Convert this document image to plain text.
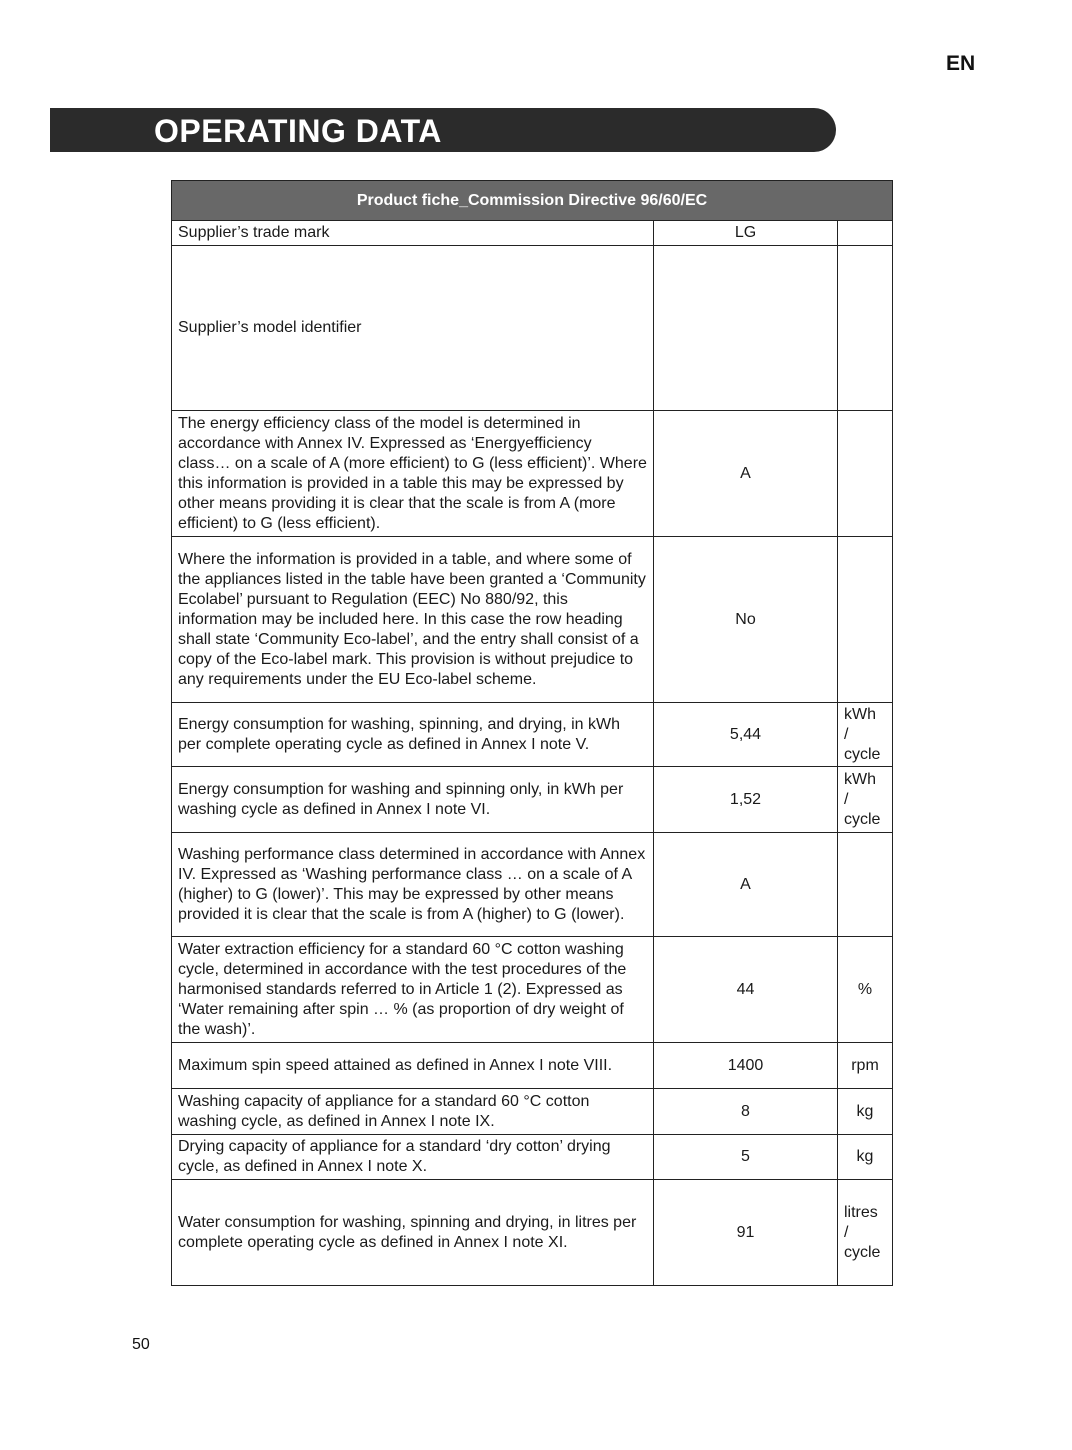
EN
OPERATING DATA
Product fiche_Commission Directive 96/60/EC		
Supplier’s trade mark	LG	
Supplier’s model identifier		
The energy efficiency class of the model is determined in accordance with Annex IV. Expressed as ‘Energyefficiency class… on a scale of A (more efficient) to G (less efficient)’. Where this information is provided in a table this may be expressed by other means providing it is clear that the scale is from A (more efficient) to G (less efficient).	A	
Where the information is provided in a table, and where some of the appliances listed in the table have been granted a ‘Community Ecolabel’ pursuant to Regulation (EEC) No 880/92, this information may be included here. In this case the row heading shall state ‘Community Eco-label’, and the entry shall consist of a copy of the Eco-label mark. This provision is without prejudice to any requirements under the EU Eco-label scheme.	No	
Energy consumption for washing, spinning, and drying, in kWh per complete operating cycle as defined in Annex I note V.	5,44	kWh
/
cycle

Energy consumption for washing and spinning only, in kWh per washing cycle as defined in Annex I note VI.	1,52	kWh
/
cycle

Washing performance class determined in accordance with Annex IV. Expressed as ‘Washing performance class … on a scale of A (higher) to G (lower)’. This may be expressed by other means provided it is clear that the scale is from A (higher) to G (lower).	A	
Water extraction efficiency for a standard 60 °C cotton washing cycle, determined in accordance with the test procedures of the harmonised standards referred to in Article 1 (2). Expressed as ‘Water remaining after spin … % (as proportion of dry weight of the wash)’.	44	%

Maximum spin speed attained as defined in Annex I note VIII.	1400	rpm

Washing capacity of appliance for a standard 60 °C cotton washing cycle, as defined in Annex I note IX.	8	kg

Drying capacity of appliance for a standard ‘dry cotton’ drying cycle, as defined in Annex I note X.	5	kg

Water consumption for washing, spinning and drying, in litres per complete operating cycle as defined in Annex I note XI.	91	litres
/
cycle
50
